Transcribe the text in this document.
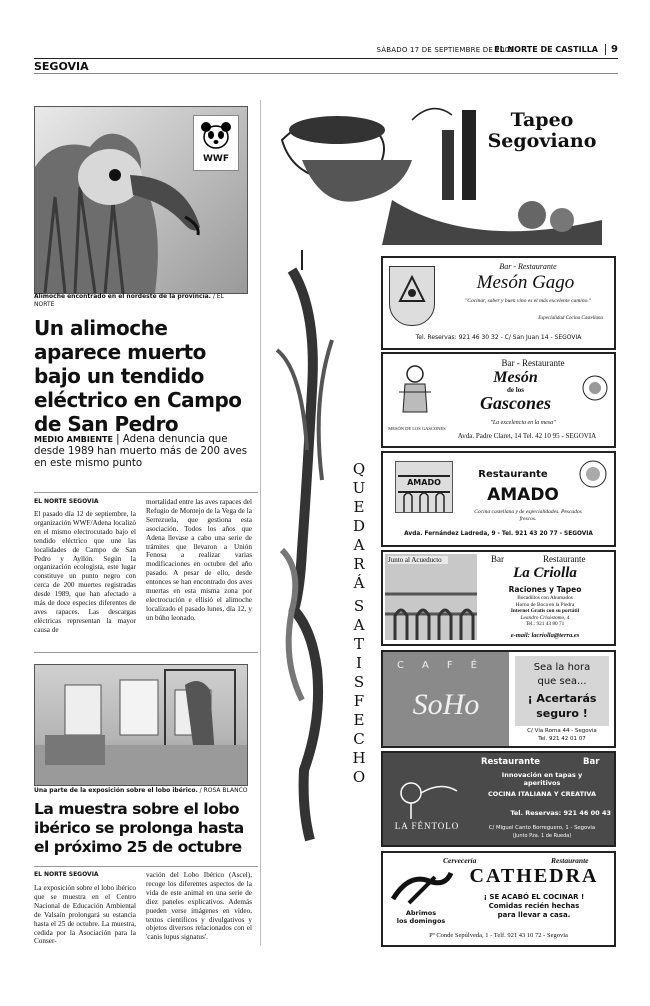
SÁBADO 17 DE SEPTIEMBRE DE 2005
EL NORTE DE CASTILLA	9
SEGOVIA
WWF
Alimoche encontrado en el nordeste de la provincia. / EL NORTE
Un alimoche aparece muerto bajo un tendido eléctrico en Campo de San Pedro
MEDIO AMBIENTE | Adena denuncia que desde 1989 han muerto más de 200 aves en este mismo punto
EL NORTE SEGOVIA
El pasado día 12 de septiembre, la organización WWF/Adena localizó en el mismo electrocutado bajo el tendido eléctrico que une las localidades de Campo de San Pedro y Ayllón. Según la organización ecologista, este lugar constituye un punto negro con cerca de 200 muertes registradas desde 1989, que han afectado a más de doce especies diferentes de aves rapaces. Las descargas eléctricas representan la mayor causa de
mortalidad entre las aves rapaces del Refugio de Montejo de la Vega de la Serrezuela, que gestiona esta asociación. Todos los años que Adena llevase a cabo una serie de trámites que llevaron a Unión Fenosa a realizar varias modificaciones en octubre del año pasado. A pesar de ello, desde entonces se han encontrado dos aves muertas en esta misma zona por electrocución e ellisió el alimoche localizado el pasado lunes, día 12, y un búho leonado.
Una parte de la exposición sobre el lobo ibérico. / ROSA BLANCO
La muestra sobre el lobo ibérico se prolonga hasta el próximo 25 de octubre
EL NORTE SEGOVIA
La exposición sobre el lobo ibérico que se muestra en el Centro Nacional de Educación Ambiental de Valsaín prolongará su estancia hasta el 25 de octubre. La muestra, cedida por la Asociación para la Conser-
vación del Lobo Ibérico (Ascel), recoge los diferentes aspectos de la vida de este animal en una serie de diez paneles explicativos. Además pueden verse imágenes en vídeo, textos científicos y divulgativos y objetos diversos relacionados con el 'canis lupus signatus'.
Tapeo
Segoviano
Q
U
E
D
A
R
Á
S
A
T
I
S
F
E
C
H
O
Bar - Restaurante
Mesón Gago
"Cocinar, saber y buen vino es el más excelente camino."
Especialidad Cocina Castellana
Tel. Reservas: 921 46 30 32 - C/ San Juan 14 - SEGOVIA
Bar - Restaurante
MESÓN DE LOS GASCONES
Mesón
de los
Gascones
"La excelencia en la mesa"
Avda. Padre Claret, 14 Tel. 42 10 95 - SEGOVIA
AMADO
Restaurante
AMADO
Cocina castellana y de especialidades. Pescados frescos.
Avda. Fernández Ladreda, 9 - Tel. 921 43 20 77 - SEGOVIA
Junto al Acueducto	Bar	Restaurante
La Criolla
Raciones y Tapeo
Bocadillos con Ahumados
Horno de Boca en la Piedra
Internet Gratis con su portátil
Leandro Crisóstomo, 4
Tel.: 921 43 80 71
e-mail: lacriolla@terra.es
CAFÉ
SoHo
Sea la hora
que sea...
¡ Acertarás
seguro !
C/ Vía Roma 44 - Segovia
Tel. 921 42 01 07
Restaurante	Bar
Innovación en tapas y
aperitivos
COCINA ITALIANA Y CREATIVA
Tel. Reservas: 921 46 00 43
LA FÉNTOLO	C/ Miguel Canto Borreguero, 1 - Segovia
(Junto Pza. 1 de Rueda)
Cervecería	Restaurante
CATHEDRA
Abrimos
los domingos
¡ SE ACABÓ EL COCINAR !
Comidas recién hechas
para llevar a casa.
Pº Conde Sepúlveda, 1 - Telf. 921 43 10 72 - Segovia
